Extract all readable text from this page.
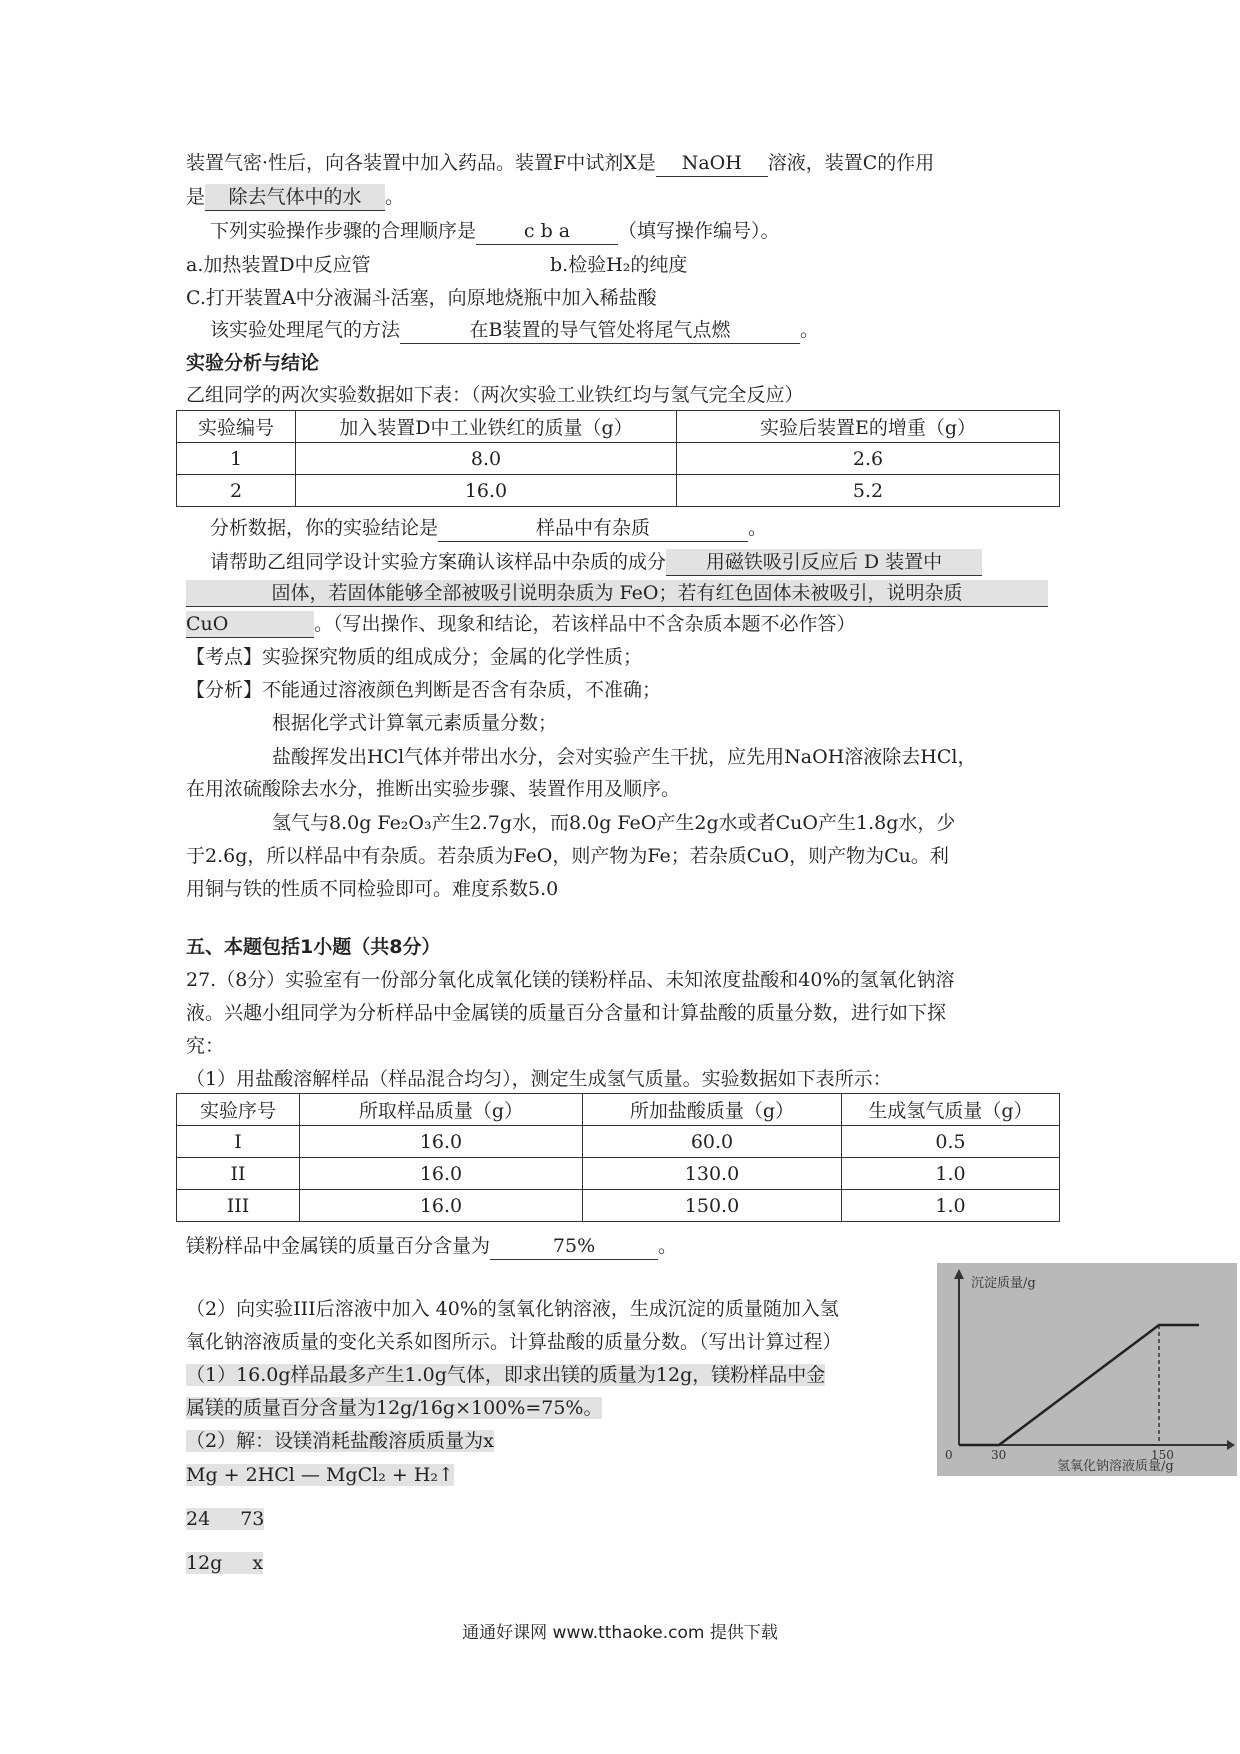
装置气密·性后，向各装置中加入药品。装置F中试剂X是 NaOH 溶液，装置C的作用
是 除去气体中的水 。
下列实验操作步骤的合理顺序是	c b a	（填写操作编号）。
a.加热装置D中反应管	b.检验H₂的纯度
C.打开装置A中分液漏斗活塞，向原地烧瓶中加入稀盐酸
该实验处理尾气的方法	在B装置的导气管处将尾气点燃	。
实验分析与结论
乙组同学的两次实验数据如下表：（两次实验工业铁红均与氢气完全反应）
实验编号	加入装置D中工业铁红的质量（g）	实验后装置E的增重（g）
1	8.0	2.6
2	16.0	5.2
分析数据，你的实验结论是	样品中有杂质	。
请帮助乙组同学设计实验方案确认该样品中杂质的成分 用磁铁吸引反应后 D 装置中
固体，若固体能够全部被吸引说明杂质为 FeO；若有红色固体未被吸引，说明杂质
CuO	。（写出操作、现象和结论，若该样品中不含杂质本题不必作答）
【考点】实验探究物质的组成成分；金属的化学性质；
【分析】不能通过溶液颜色判断是否含有杂质，不准确；
根据化学式计算氧元素质量分数；
盐酸挥发出HCl气体并带出水分，会对实验产生干扰，应先用NaOH溶液除去HCl，
在用浓硫酸除去水分，推断出实验步骤、装置作用及顺序。
氢气与8.0g Fe₂O₃产生2.7g水，而8.0g FeO产生2g水或者CuO产生1.8g水，少
于2.6g，所以样品中有杂质。若杂质为FeO，则产物为Fe；若杂质CuO，则产物为Cu。利
用铜与铁的性质不同检验即可。难度系数5.0
五、本题包括1小题（共8分）
27.（8分）实验室有一份部分氧化成氧化镁的镁粉样品、未知浓度盐酸和40%的氢氧化钠溶
液。兴趣小组同学为分析样品中金属镁的质量百分含量和计算盐酸的质量分数，进行如下探
究：
（1）用盐酸溶解样品（样品混合均匀），测定生成氢气质量。实验数据如下表所示：
实验序号	所取样品质量（g）	所加盐酸质量（g）	生成氢气质量（g）
I	16.0	60.0	0.5
II	16.0	130.0	1.0
III	16.0	150.0	1.0
镁粉样品中金属镁的质量百分含量为	75%	。
（2）向实验III后溶液中加入 40%的氢氧化钠溶液，生成沉淀的质量随加入氢
氧化钠溶液质量的变化关系如图所示。计算盐酸的质量分数。（写出计算过程）
（1）16.0g样品最多产生1.0g气体，即求出镁的质量为12g，镁粉样品中金
属镁的质量百分含量为12g/16g×100%=75%。
（2）解：设镁消耗盐酸溶质质量为x
Mg + 2HCl — MgCl₂ + H₂↑
24 73
12g x
沉淀质量/g
氢氧化钠溶液质量/g
0	30	150
通通好课网 www.tthaoke.com 提供下载
